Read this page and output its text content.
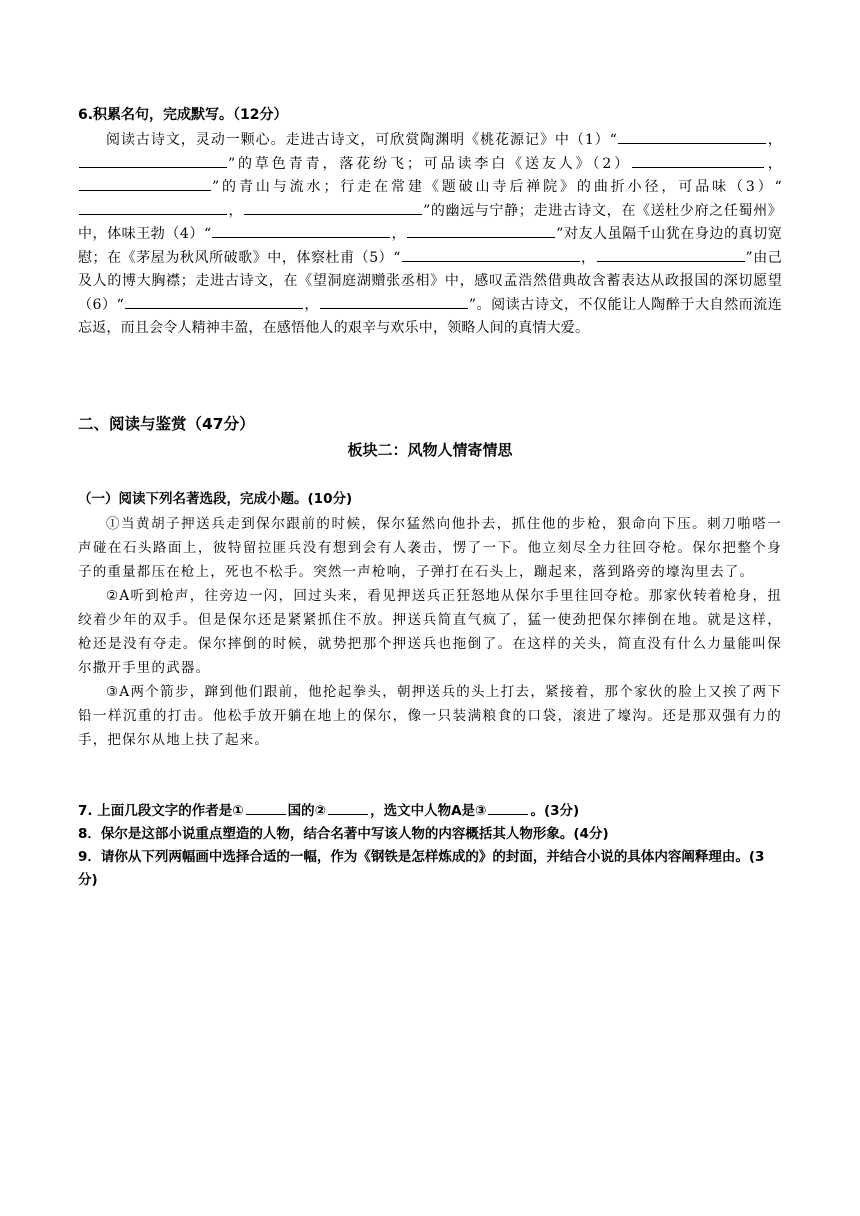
6.积累名句，完成默写。（12分）
阅读古诗文，灵动一颗心。走进古诗文，可欣赏陶渊明《桃花源记》中（1）“	，”的草色青青，落花纷飞；可品读李白《送友人》（2）	，”的青山与流水；行走在常建《题破山寺后禅院》的曲折小径，可品味（3）“，	”的幽远与宁静；走进古诗文，在《送杜少府之任蜀州》中，体味王勃（4）“	，	”对友人虽隔千山犹在身边的真切宽慰；在《茅屋为秋风所破歌》中，体察杜甫（5）“	，	”由己及人的博大胸襟；走进古诗文，在《望洞庭湖赠张丞相》中，感叹孟浩然借典故含蓄表达从政报国的深切愿望（6）“	，	”。阅读古诗文，不仅能让人陶醉于大自然而流连忘返，而且会令人精神丰盈，在感悟他人的艰辛与欢乐中，领略人间的真情大爱。
二、阅读与鉴赏（47分）
板块二：风物人情寄情思
（一）阅读下列名著选段，完成小题。(10分)

①当黄胡子押送兵走到保尔跟前的时候，保尔猛然向他扑去，抓住他的步枪，狠命向下压。刺刀啪嗒一声碰在石头路面上，彼特留拉匪兵没有想到会有人袭击，愣了一下。他立刻尽全力往回夺枪。保尔把整个身子的重量都压在枪上，死也不松手。突然一声枪响，子弹打在石头上，蹦起来，落到路旁的壕沟里去了。

②A听到枪声，往旁边一闪，回过头来，看见押送兵正狂怒地从保尔手里往回夺枪。那家伙转着枪身，扭绞着少年的双手。但是保尔还是紧紧抓住不放。押送兵简直气疯了，猛一使劲把保尔摔倒在地。就是这样，枪还是没有夺走。保尔摔倒的时候，就势把那个押送兵也拖倒了。在这样的关头，简直没有什么力量能叫保尔撒开手里的武器。

③A两个箭步，蹿到他们跟前，他抡起拳头，朝押送兵的头上打去，紧接着，那个家伙的脸上又挨了两下铅一样沉重的打击。他松手放开躺在地上的保尔，像一只装满粮食的口袋，滚进了壕沟。还是那双强有力的手，把保尔从地上扶了起来。

7. 上面几段文字的作者是①	国的②	，选文中人物A是③	。(3分)

8．保尔是这部小说重点塑造的人物，结合名著中写该人物的内容概括其人物形象。(4分)

9．请你从下列两幅画中选择合适的一幅，作为《钢铁是怎样炼成的》的封面，并结合小说的具体内容阐释理由。(3分)
